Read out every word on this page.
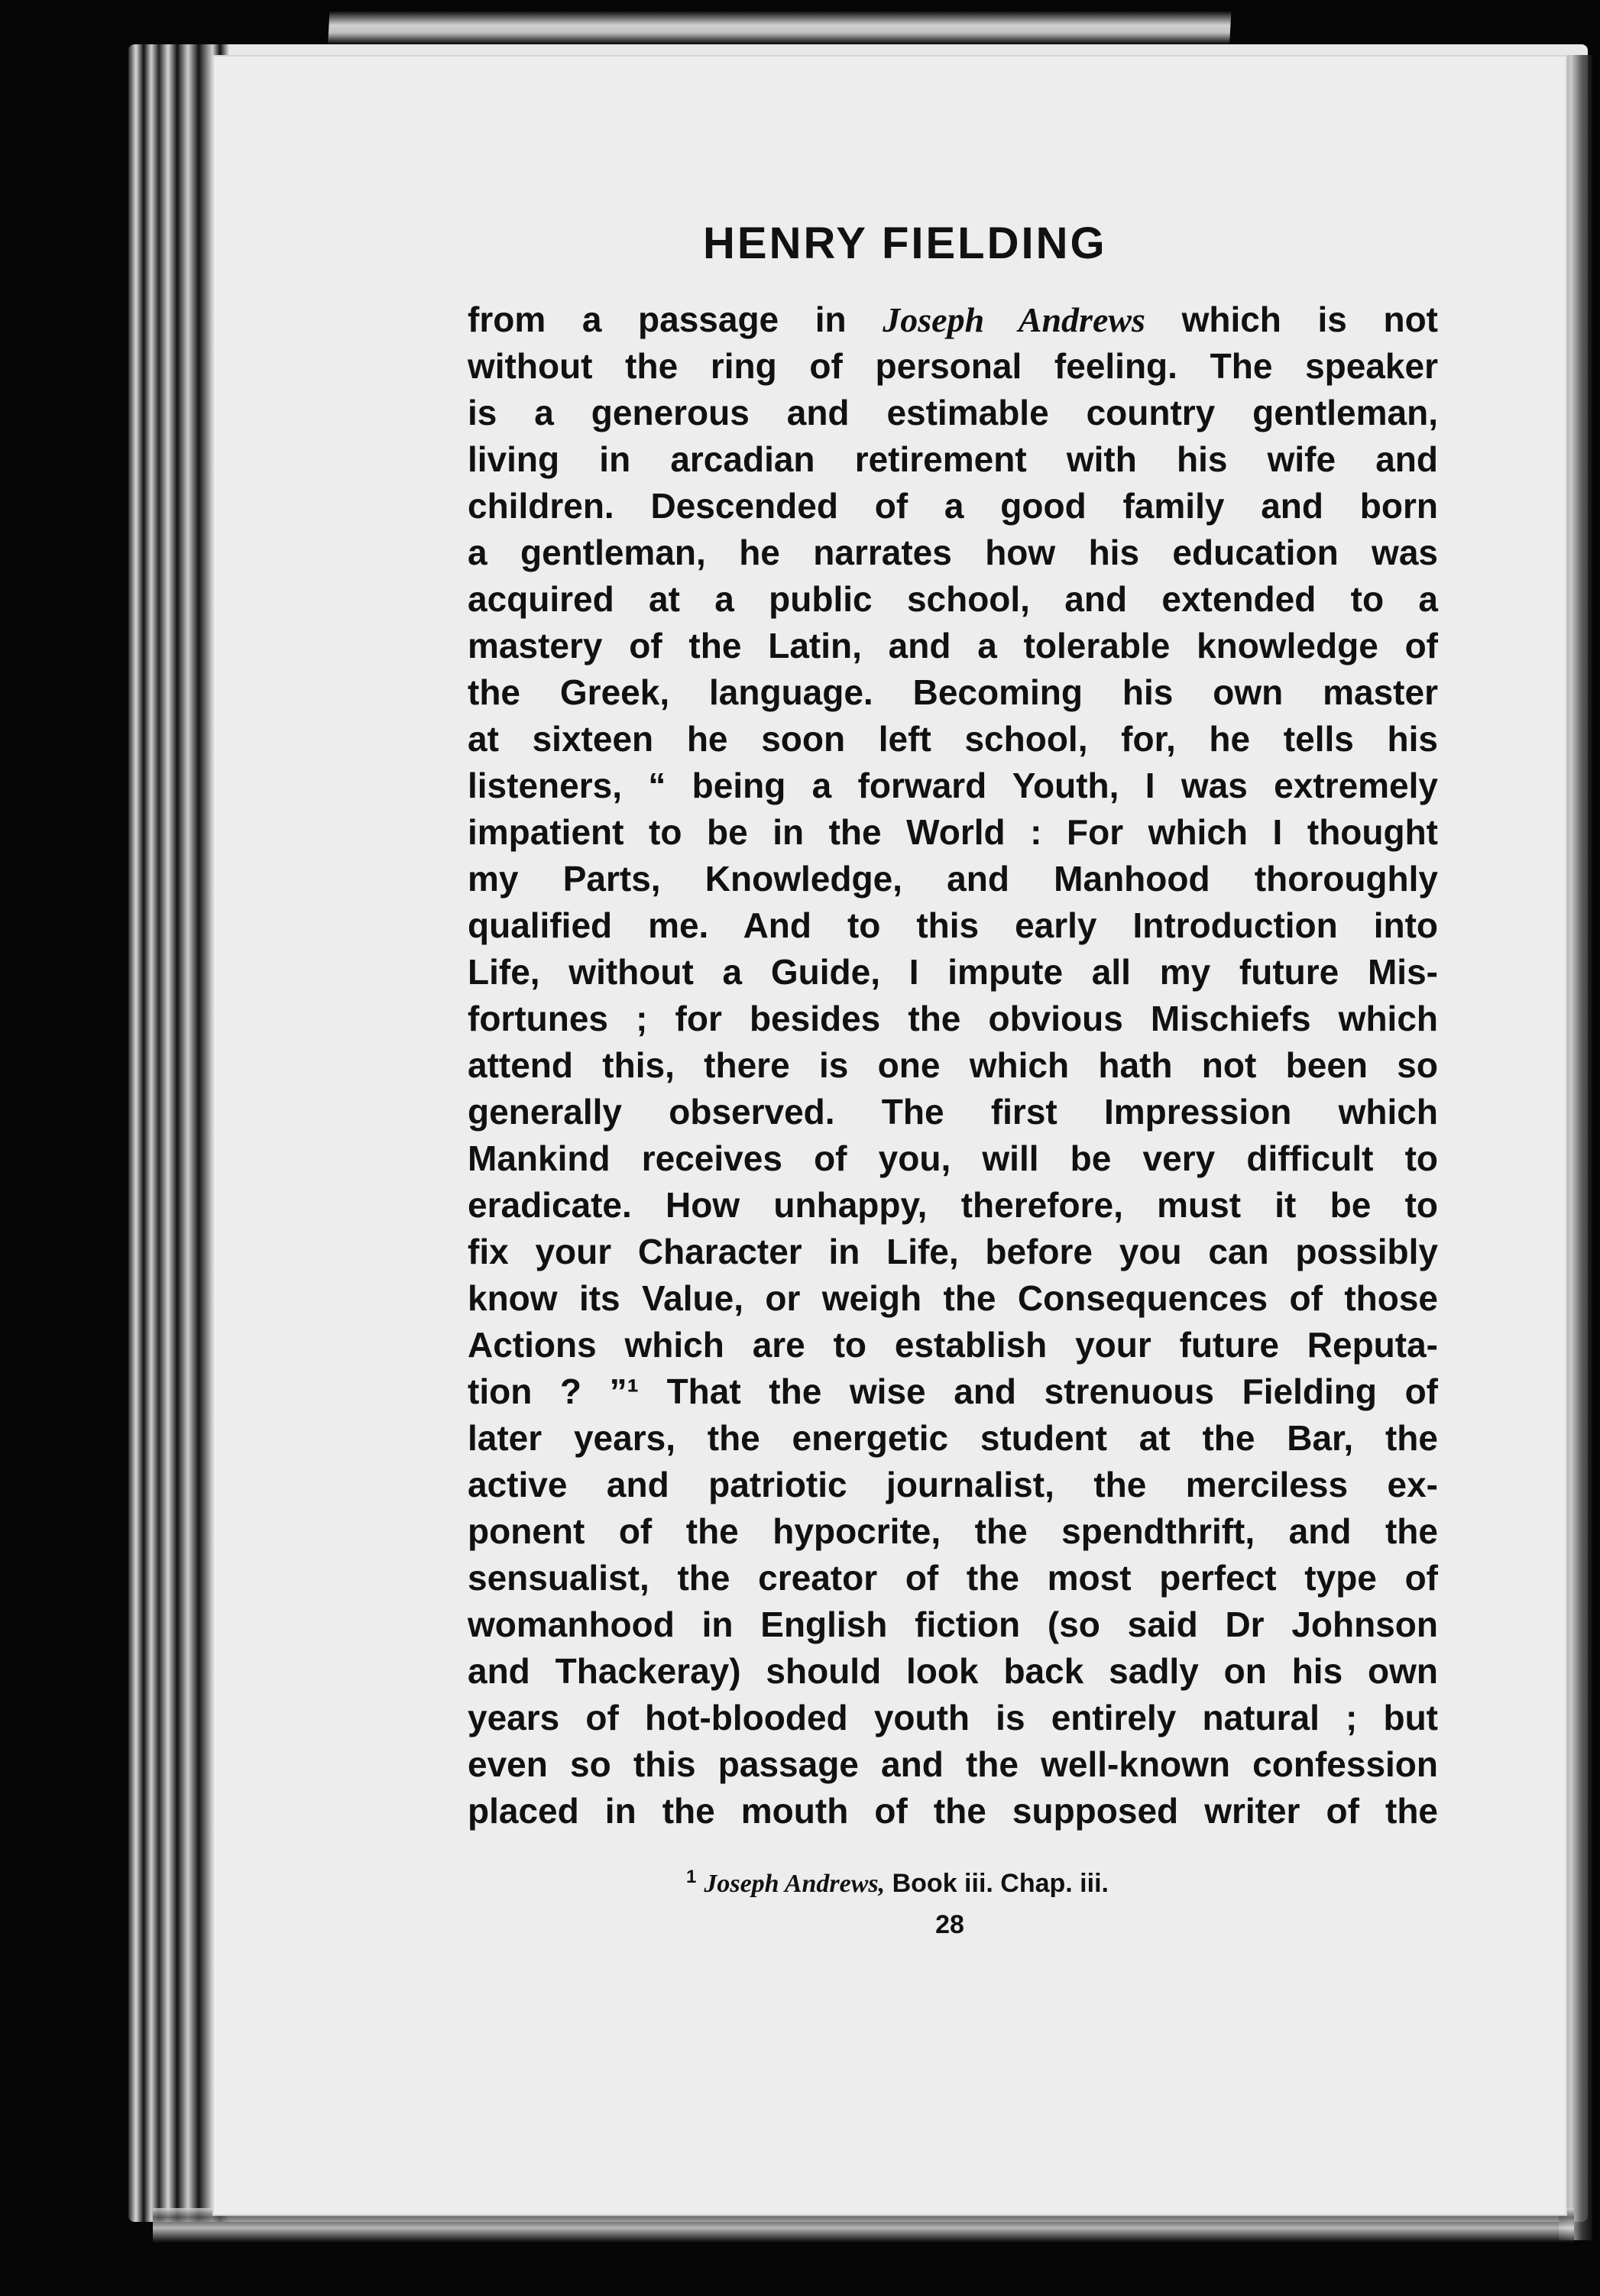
HENRY FIELDING
from a passage in Joseph Andrews which is not
without the ring of personal feeling. The speaker
is a generous and estimable country gentleman,
living in arcadian retirement with his wife and
children. Descended of a good family and born
a gentleman, he narrates how his education was
acquired at a public school, and extended to a
mastery of the Latin, and a tolerable knowledge of
the Greek, language. Becoming his own master
at sixteen he soon left school, for, he tells his
listeners, “ being a forward Youth, I was extremely
impatient to be in the World : For which I thought
my Parts, Knowledge, and Manhood thoroughly
qualified me. And to this early Introduction into
Life, without a Guide, I impute all my future Mis-
fortunes ; for besides the obvious Mischiefs which
attend this, there is one which hath not been so
generally observed. The first Impression which
Mankind receives of you, will be very difficult to
eradicate. How unhappy, therefore, must it be to
fix your Character in Life, before you can possibly
know its Value, or weigh the Consequences of those
Actions which are to establish your future Reputa-
tion ? ”¹ That the wise and strenuous Fielding of
later years, the energetic student at the Bar, the
active and patriotic journalist, the merciless ex-
ponent of the hypocrite, the spendthrift, and the
sensualist, the creator of the most perfect type of
womanhood in English fiction (so said Dr Johnson
and Thackeray) should look back sadly on his own
years of hot-blooded youth is entirely natural ; but
even so this passage and the well-known confession
placed in the mouth of the supposed writer of the
$^1$ Joseph Andrews, Book iii. Chap. iii.
28
